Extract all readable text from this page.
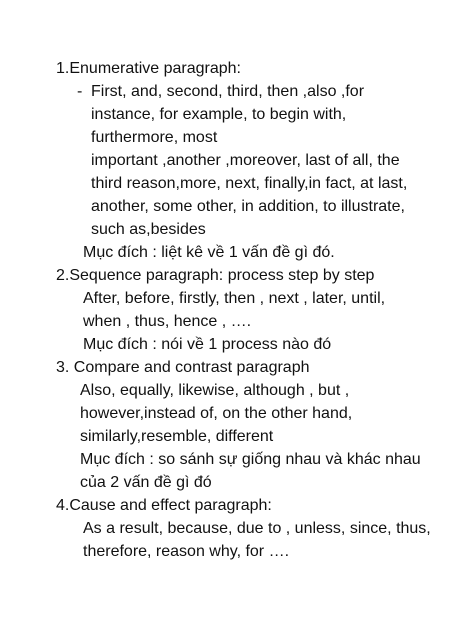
1.Enumerative paragraph:
- First, and, second, third, then ,also ,for
instance, for example, to begin with,
furthermore, most
important ,another ,moreover, last of all, the
third reason,more, next, finally,in fact, at last,
another, some other, in addition, to illustrate,
such as,besides
Mục đích : liệt kê về 1 vấn đề gì đó.
2.Sequence paragraph: process step by step
After, before, firstly, then , next , later, until,
when , thus, hence , ….
Mục đích : nói về 1 process nào đó
3. Compare and contrast paragraph
Also, equally, likewise, although , but ,
however,instead of, on the other hand,
similarly,resemble, different
Mục đích : so sánh sự giống nhau và khác nhau
của 2 vấn đề gì đó
4.Cause and effect paragraph:
As a result, because, due to , unless, since, thus,
therefore, reason why, for ….
